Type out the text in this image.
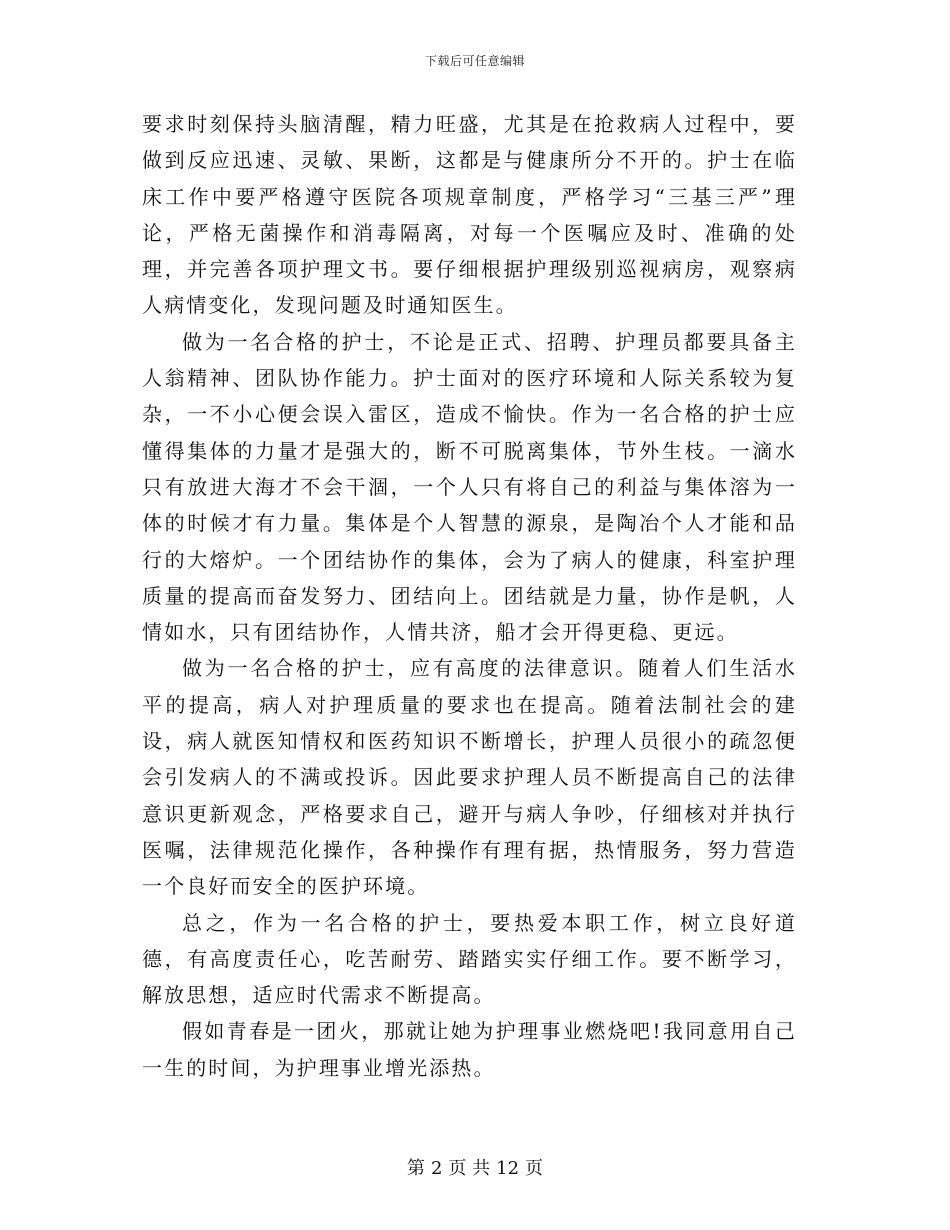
下载后可任意编辑

要求时刻保持头脑清醒，精力旺盛，尤其是在抢救病人过程中，要做到反应迅速、灵敏、果断，这都是与健康所分不开的。护士在临床工作中要严格遵守医院各项规章制度，严格学习“三基三严”理论，严格无菌操作和消毒隔离，对每一个医嘱应及时、准确的处理，并完善各项护理文书。要仔细根据护理级别巡视病房，观察病人病情变化，发现问题及时通知医生。

做为一名合格的护士，不论是正式、招聘、护理员都要具备主人翁精神、团队协作能力。护士面对的医疗环境和人际关系较为复杂，一不小心便会误入雷区，造成不愉快。作为一名合格的护士应懂得集体的力量才是强大的，断不可脱离集体，节外生枝。一滴水只有放进大海才不会干涸，一个人只有将自己的利益与集体溶为一体的时候才有力量。集体是个人智慧的源泉，是陶冶个人才能和品行的大熔炉。一个团结协作的集体，会为了病人的健康，科室护理质量的提高而奋发努力、团结向上。团结就是力量，协作是帆，人情如水，只有团结协作，人情共济，船才会开得更稳、更远。

做为一名合格的护士，应有高度的法律意识。随着人们生活水平的提高，病人对护理质量的要求也在提高。随着法制社会的建设，病人就医知情权和医药知识不断增长，护理人员很小的疏忽便会引发病人的不满或投诉。因此要求护理人员不断提高自己的法律意识更新观念，严格要求自己，避开与病人争吵，仔细核对并执行医嘱，法律规范化操作，各种操作有理有据，热情服务，努力营造一个良好而安全的医护环境。

总之，作为一名合格的护士，要热爱本职工作，树立良好道德，有高度责任心，吃苦耐劳、踏踏实实仔细工作。要不断学习，解放思想，适应时代需求不断提高。

假如青春是一团火，那就让她为护理事业燃烧吧!我同意用自己一生的时间，为护理事业增光添热。

第 2 页 共 12 页
